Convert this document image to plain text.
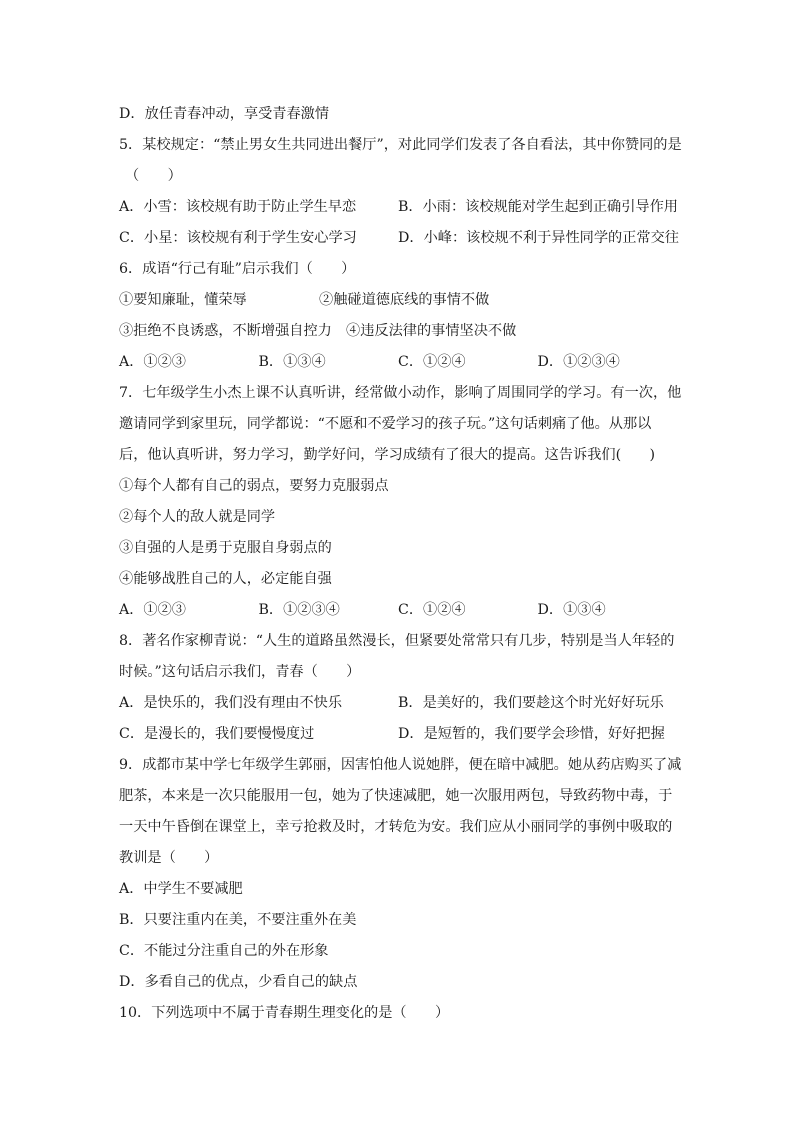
D．放任青春冲动，享受青春激情
5．某校规定：“禁止男女生共同进出餐厅”，对此同学们发表了各自看法，其中你赞同的是
（　　）
A．小雪：该校规有助于防止学生早恋	B．小雨：该校规能对学生起到正确引导作用
C．小星：该校规有利于学生安心学习	D．小峰：该校规不利于异性同学的正常交往
6．成语“行己有耻”启示我们（　　）
①要知廉耻，懂荣辱	②触碰道德底线的事情不做
③拒绝不良诱惑，不断增强自控力　④违反法律的事情坚决不做
A．①②③	B．①③④	C．①②④	D．①②③④
7．七年级学生小杰上课不认真听讲，经常做小动作，影响了周围同学的学习。有一次，他
邀请同学到家里玩，同学都说：“不愿和不爱学习的孩子玩。”这句话刺痛了他。从那以
后，他认真听讲，努力学习，勤学好问，学习成绩有了很大的提高。这告诉我们(　　)
①每个人都有自己的弱点，要努力克服弱点
②每个人的敌人就是同学
③自强的人是勇于克服自身弱点的
④能够战胜自己的人，必定能自强
A．①②③	B．①②③④	C．①②④	D．①③④
8．著名作家柳青说：“人生的道路虽然漫长，但紧要处常常只有几步，特别是当人年轻的
时候。”这句话启示我们，青春（　　）
A．是快乐的，我们没有理由不快乐	B．是美好的，我们要趁这个时光好好玩乐
C．是漫长的，我们要慢慢度过	D．是短暂的，我们要学会珍惜，好好把握
9．成都市某中学七年级学生郭丽，因害怕他人说她胖，便在暗中减肥。她从药店购买了减
肥茶，本来是一次只能服用一包，她为了快速减肥，她一次服用两包，导致药物中毒，于
一天中午昏倒在课堂上，幸亏抢救及时，才转危为安。我们应从小丽同学的事例中吸取的
教训是（　　）
A．中学生不要减肥
B．只要注重内在美，不要注重外在美
C．不能过分注重自己的外在形象
D．多看自己的优点，少看自己的缺点
10．下列选项中不属于青春期生理变化的是（　　）
